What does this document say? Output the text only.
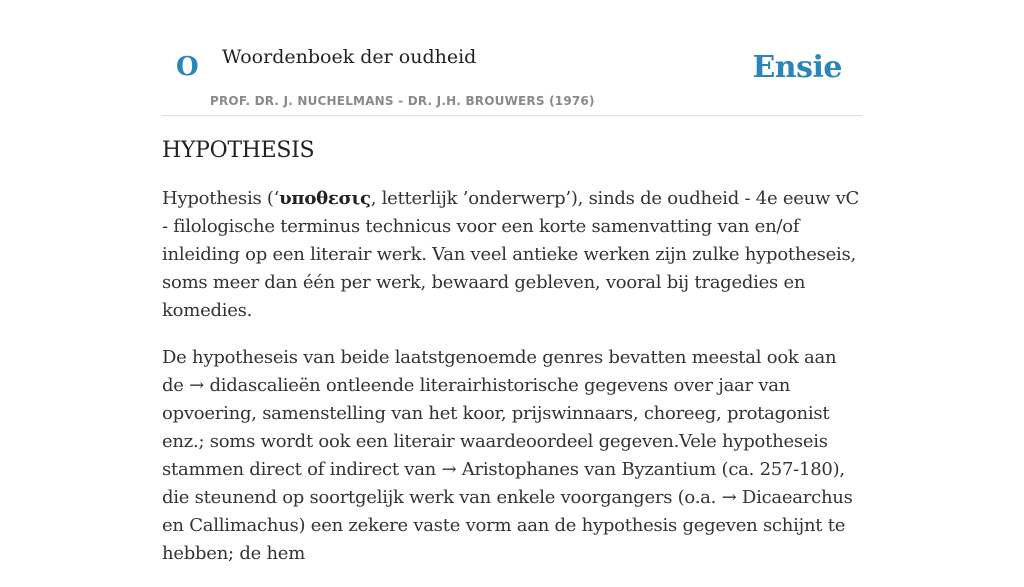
O Woordenboek der oudheid	Ensie
PROF. DR. J. NUCHELMANS - DR. J.H. BROUWERS (1976)
HYPOTHESIS

Hypothesis (‘υποθεσις, letterlijk ’onderwerp’), sinds de oudheid - 4e eeuw vC - filologische terminus technicus voor een korte samenvatting van en/of inleiding op een literair werk. Van veel antieke werken zijn zulke hypotheseis, soms meer dan één per werk, bewaard gebleven, vooral bij tragedies en komedies.

De hypotheseis van beide laatstgenoemde genres bevatten meestal ook aan de → didascalieën ontleende literairhistorische gegevens over jaar van opvoering, samenstelling van het koor, prijswinnaars, choreeg, protagonist enz.; soms wordt ook een literair waardeoordeel gegeven.Vele hypotheseis stammen direct of indirect van → Aristophanes van Byzantium (ca. 257-180), die steunend op soortgelijk werk van enkele voorgangers (o.a. → Dicaearchus en Callimachus) een zekere vaste vorm aan de hypothesis gegeven schijnt te hebben; de hem
